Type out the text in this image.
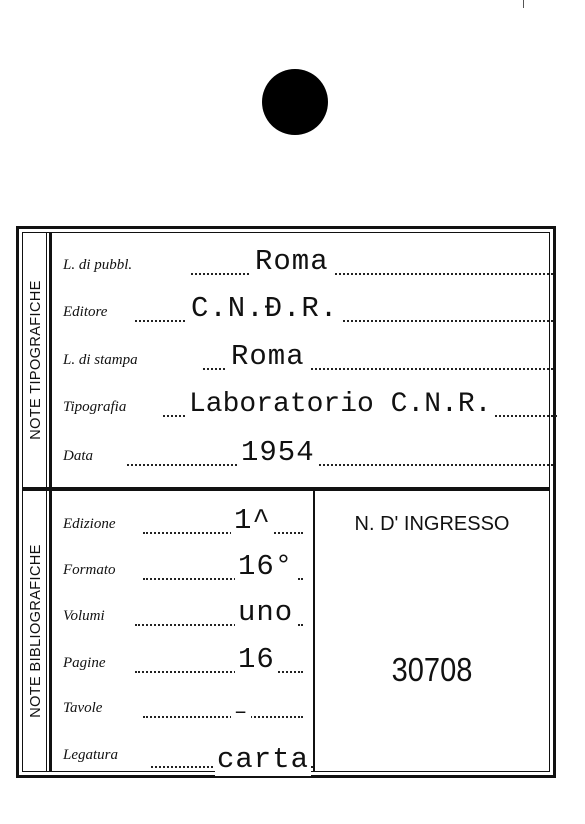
NOTE TIPOGRAFICHE
L. di pubbl.	Roma
Editore	C.N.Ɖ.R.
L. di stampa	Roma
Tipografia Laboratorio C.N.R.
Data	1954
NOTE BIBLIOGRAFICHE
Edizione	1^
Formato	16°
Volumi	uno
Pagine	16
Tavole	–
Legatura	carta
N. D' INGRESSO
30708
